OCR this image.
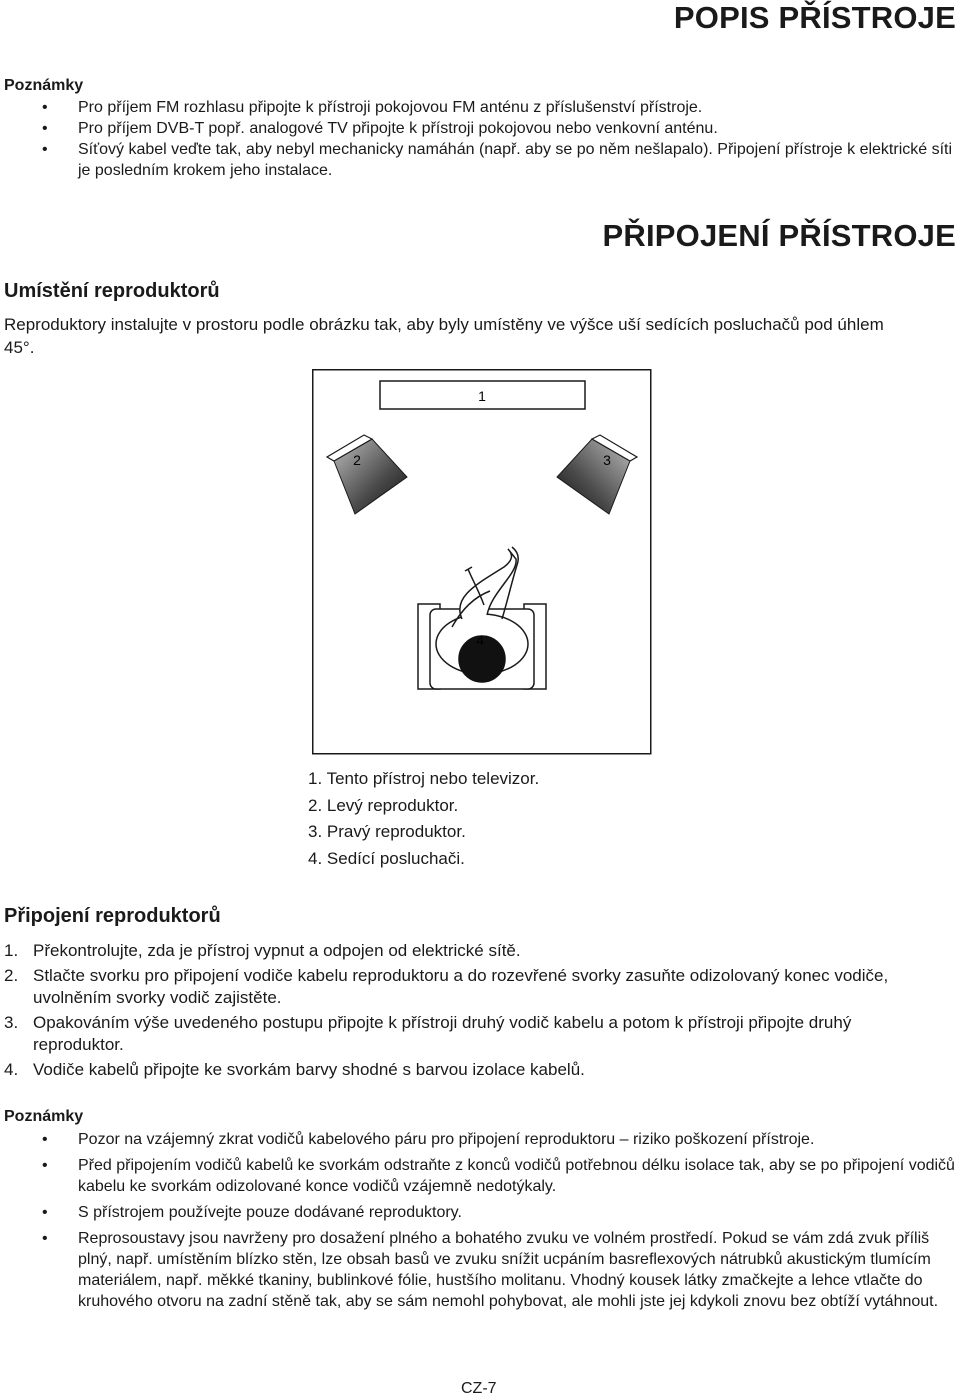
POPIS PŘÍSTROJE
Poznámky
• Pro příjem FM rozhlasu připojte k přístroji pokojovou FM anténu z příslušenství přístroje.
• Pro příjem DVB-T popř. analogové TV připojte k přístroji pokojovou nebo venkovní anténu.
• Síťový kabel veďte tak, aby nebyl mechanicky namáhán (např. aby se po něm nešlapalo). Připojení přístroje k elektrické síti je posledním krokem jeho instalace.
PŘIPOJENÍ PŘÍSTROJE
Umístění reproduktorů
Reproduktory instalujte v prostoru podle obrázku tak, aby byly umístěny ve výšce uší sedících posluchačů pod úhlem 45°.
1
2	3
4
1. Tento přístroj nebo televizor.
2. Levý reproduktor.
3. Pravý reproduktor.
4. Sedící posluchači.
Připojení reproduktorů
1. Překontrolujte, zda je přístroj vypnut a odpojen od elektrické sítě.
2. Stlačte svorku pro připojení vodiče kabelu reproduktoru a do rozevřené svorky zasuňte odizolovaný konec vodiče, uvolněním svorky vodič zajistěte.
3. Opakováním výše uvedeného postupu připojte k přístroji druhý vodič kabelu a potom k přístroji připojte druhý reproduktor.
4. Vodiče kabelů připojte ke svorkám barvy shodné s barvou izolace kabelů.
Poznámky
• Pozor na vzájemný zkrat vodičů kabelového páru pro připojení reproduktoru – riziko poškození přístroje.
• Před připojením vodičů kabelů ke svorkám odstraňte z konců vodičů potřebnou délku isolace tak, aby se po připojení vodičů kabelu ke svorkám odizolované konce vodičů vzájemně nedotýkaly.
• S přístrojem používejte pouze dodávané reproduktory.
• Reprosoustavy jsou navrženy pro dosažení plného a bohatého zvuku ve volném prostředí. Pokud se vám zdá zvuk příliš plný, např. umístěním blízko stěn, lze obsah basů ve zvuku snížit ucpáním basreflexových nátrubků akustickým tlumícím materiálem, např. měkké tkaniny, bublinkové fólie, hustšího molitanu. Vhodný kousek látky zmačkejte a lehce vtlačte do kruhového otvoru na zadní stěně tak, aby se sám nemohl pohybovat, ale mohli jste jej kdykoli znovu bez obtíží vytáhnout.
CZ-7
